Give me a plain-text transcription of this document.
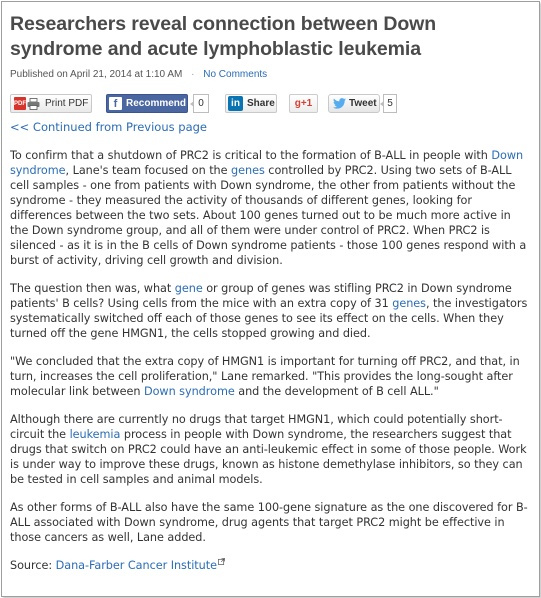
Researchers reveal connection between Down syndrome and acute lymphoblastic leukemia
Published on April 21, 2014 at 1:10 AM · No Comments
PDF Print PDF	f Recommend	0	in Share g+1	Tweet	5
<< Continued from Previous page

To confirm that a shutdown of PRC2 is critical to the formation of B-ALL in people with Down syndrome, Lane's team focused on the genes controlled by PRC2. Using two sets of B-ALL cell samples - one from patients with Down syndrome, the other from patients without the syndrome - they measured the activity of thousands of different genes, looking for differences between the two sets. About 100 genes turned out to be much more active in the Down syndrome group, and all of them were under control of PRC2. When PRC2 is silenced - as it is in the B cells of Down syndrome patients - those 100 genes respond with a burst of activity, driving cell growth and division.

The question then was, what gene or group of genes was stifling PRC2 in Down syndrome patients' B cells? Using cells from the mice with an extra copy of 31 genes, the investigators systematically switched off each of those genes to see its effect on the cells. When they turned off the gene HMGN1, the cells stopped growing and died.

"We concluded that the extra copy of HMGN1 is important for turning off PRC2, and that, in turn, increases the cell proliferation," Lane remarked. "This provides the long-sought after molecular link between Down syndrome and the development of B cell ALL."

Although there are currently no drugs that target HMGN1, which could potentially short-circuit the leukemia process in people with Down syndrome, the researchers suggest that drugs that switch on PRC2 could have an anti-leukemic effect in some of those people. Work is under way to improve these drugs, known as histone demethylase inhibitors, so they can be tested in cell samples and animal models.

As other forms of B-ALL also have the same 100-gene signature as the one discovered for B-ALL associated with Down syndrome, drug agents that target PRC2 might be effective in those cancers as well, Lane added.

Source: Dana-Farber Cancer Institute
